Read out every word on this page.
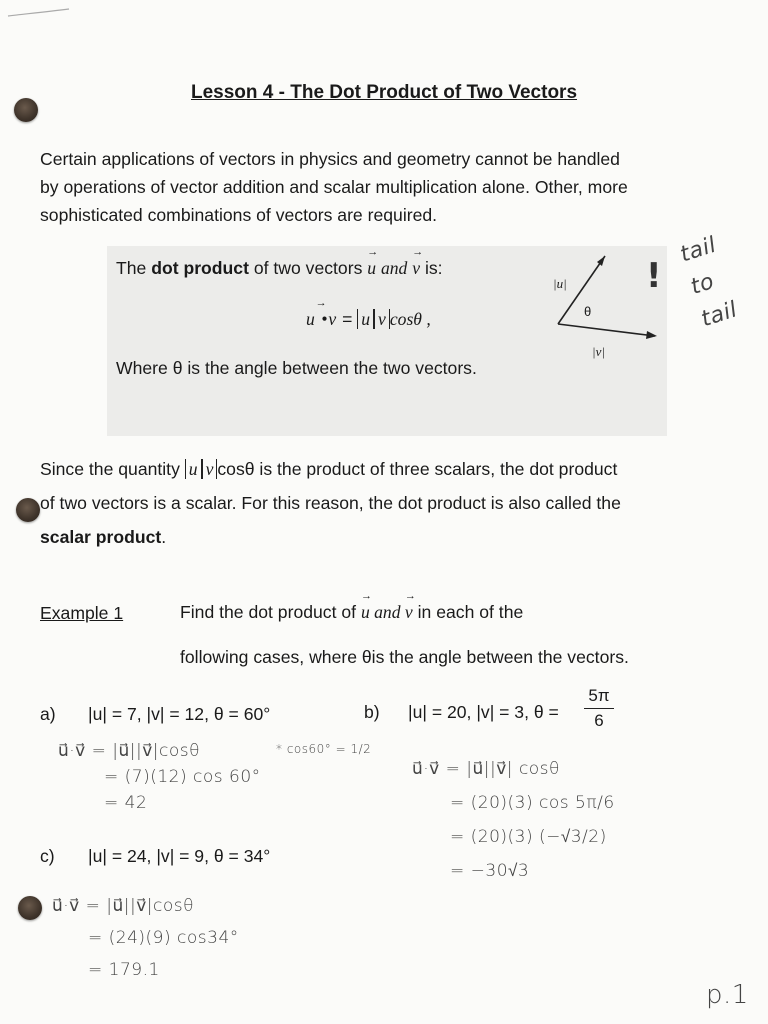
Lesson 4 - The Dot Product of Two Vectors
Certain applications of vectors in physics and geometry cannot be handled
by operations of vector addition and scalar multiplication alone. Other, more
sophisticated combinations of vectors are required.
The dot product of two vectors → u and → v is:
→ u •v = u v cosθ ,
Where θ is the angle between the two vectors.
|u|
θ
|v|
!
tail to tail
Since the quantity u v cosθ is the product of three scalars, the dot product
of two vectors is a scalar. For this reason, the dot product is also called the
scalar product.
Example 1	Find the dot product of → u and → v in each of the
following cases, where θis the angle between the vectors.
a) |u| = 7, |v| = 12, θ = 60°	b) |u| = 20, |v| = 3, θ =
5π
6
c) |u| = 24, |v| = 9, θ = 34°
u⃗·v⃗ = |u⃗||v⃗|cosθ
= (7)(12) cos 60°
= 42
* cos60° = 1/2
u⃗·v⃗ = |u⃗||v⃗| cosθ
= (20)(3) cos 5π/6
= (20)(3) (−√3/2)
= −30√3
u⃗·v⃗ = |u⃗||v⃗|cosθ
= (24)(9) cos34°
= 179.1
p.1
